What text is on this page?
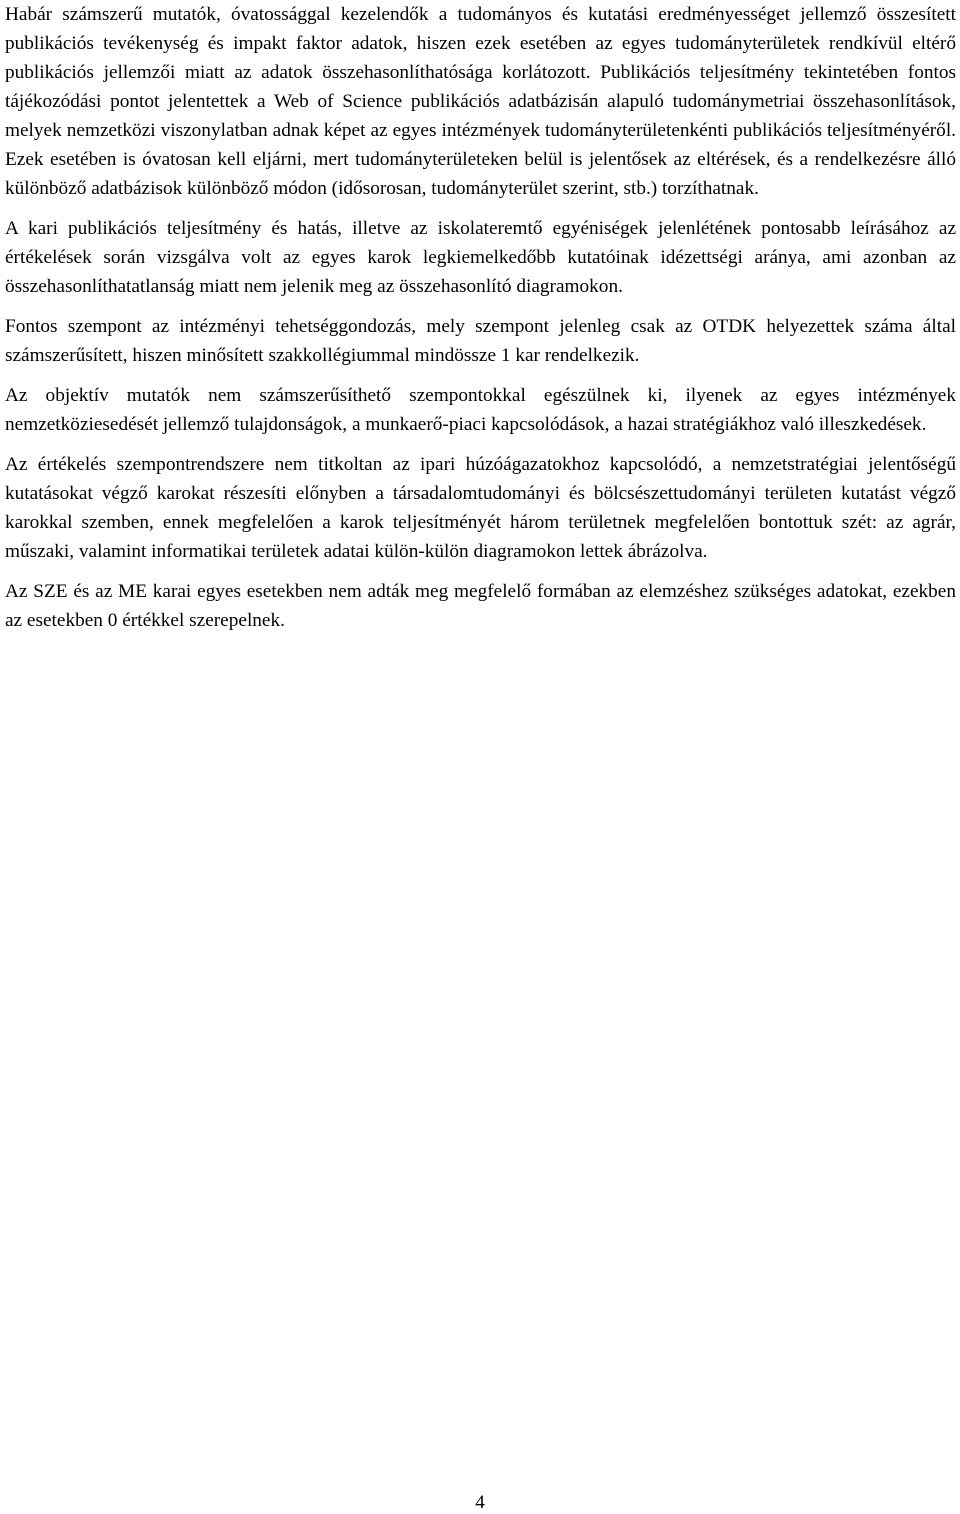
Habár számszerű mutatók, óvatossággal kezelendők a tudományos és kutatási eredményességet jellemző összesített publikációs tevékenység és impakt faktor adatok, hiszen ezek esetében az egyes tudományterületek rendkívül eltérő publikációs jellemzői miatt az adatok összehasonlíthatósága korlátozott. Publikációs teljesítmény tekintetében fontos tájékozódási pontot jelentettek a Web of Science publikációs adatbázisán alapuló tudománymetriai összehasonlítások, melyek nemzetközi viszonylatban adnak képet az egyes intézmények tudományterületenkénti publikációs teljesítményéről. Ezek esetében is óvatosan kell eljárni, mert tudományterületeken belül is jelentősek az eltérések, és a rendelkezésre álló különböző adatbázisok különböző módon (idősorosan, tudományterület szerint, stb.) torzíthatnak.

A kari publikációs teljesítmény és hatás, illetve az iskolateremtő egyéniségek jelenlétének pontosabb leírásához az értékelések során vizsgálva volt az egyes karok legkiemelkedőbb kutatóinak idézettségi aránya, ami azonban az összehasonlíthatatlanság miatt nem jelenik meg az összehasonlító diagramokon.

Fontos szempont az intézményi tehetséggondozás, mely szempont jelenleg csak az OTDK helyezettek száma által számszerűsített, hiszen minősített szakkollégiummal mindössze 1 kar rendelkezik.

Az objektív mutatók nem számszerűsíthető szempontokkal egészülnek ki, ilyenek az egyes intézmények nemzetköziesedését jellemző tulajdonságok, a munkaerő-piaci kapcsolódások, a hazai stratégiákhoz való illeszkedések.

Az értékelés szempontrendszere nem titkoltan az ipari húzóágazatokhoz kapcsolódó, a nemzetstratégiai jelentőségű kutatásokat végző karokat részesíti előnyben a társadalomtudományi és bölcsészettudományi területen kutatást végző karokkal szemben, ennek megfelelően a karok teljesítményét három területnek megfelelően bontottuk szét: az agrár, műszaki, valamint informatikai területek adatai külön-külön diagramokon lettek ábrázolva.

Az SZE és az ME karai egyes esetekben nem adták meg megfelelő formában az elemzéshez szükséges adatokat, ezekben az esetekben 0 értékkel szerepelnek.

4
